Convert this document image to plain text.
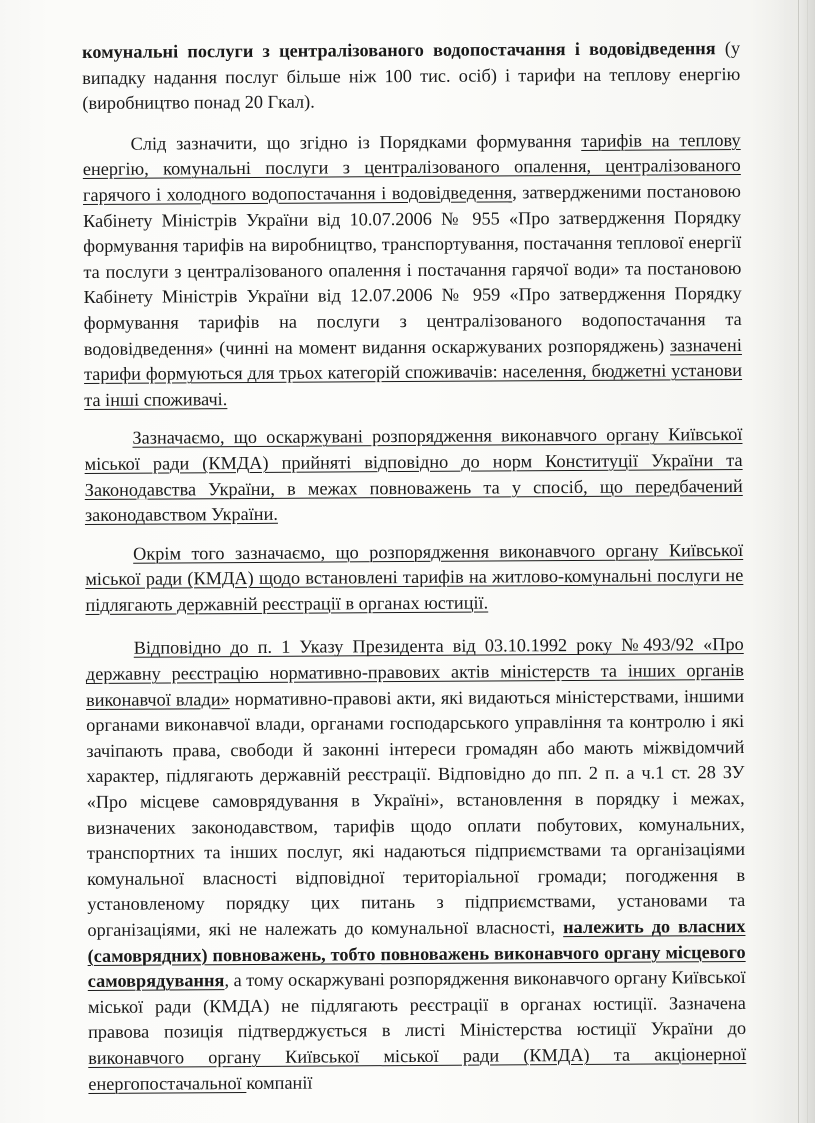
комунальні послуги з централізованого водопостачання і водовідведення (у випадку надання послуг більше ніж 100 тис. осіб) і тарифи на теплову енергію (виробництво понад 20 Гкал).

Слід зазначити, що згідно із Порядками формування тарифів на теплову енергію, комунальні послуги з централізованого опалення, централізованого гарячого і холодного водопостачання і водовідведення, затвердженими постановою Кабінету Міністрів України від 10.07.2006 № 955 «Про затвердження Порядку формування тарифів на виробництво, транспортування, постачання теплової енергії та послуги з централізованого опалення і постачання гарячої води» та постановою Кабінету Міністрів України від 12.07.2006 № 959 «Про затвердження Порядку формування тарифів на послуги з централізованого водопостачання та водовідведення» (чинні на момент видання оскаржуваних розпоряджень) зазначені тарифи формуються для трьох категорій споживачів: населення, бюджетні установи та інші споживачі.

Зазначаємо, що оскаржувані розпорядження виконавчого органу Київської міської ради (КМДА) прийняті відповідно до норм Конституції України та Законодавства України, в межах повноважень та у спосіб, що передбачений законодавством України.

Окрім того зазначаємо, що розпорядження виконавчого органу Київської міської ради (КМДА) щодо встановлені тарифів на житлово-комунальні послуги не підлягають державній реєстрації в органах юстиції.

Відповідно до п. 1 Указу Президента від 03.10.1992 року №493/92 «Про державну реєстрацію нормативно-правових актів міністерств та інших органів виконавчої влади» нормативно-правові акти, які видаються міністерствами, іншими органами виконавчої влади, органами господарського управління та контролю і які зачіпають права, свободи й законні інтереси громадян або мають міжвідомчий характер, підлягають державній реєстрації. Відповідно до пп. 2 п. а ч.1 ст. 28 ЗУ «Про місцеве самоврядування в Україні», встановлення в порядку і межах, визначених законодавством, тарифів щодо оплати побутових, комунальних, транспортних та інших послуг, які надаються підприємствами та організаціями комунальної власності відповідної територіальної громади; погодження в установленому порядку цих питань з підприємствами, установами та організаціями, які не належать до комунальної власності, належить до власних (самоврядних) повноважень, тобто повноважень виконавчого органу місцевого самоврядування, а тому оскаржувані розпорядження виконавчого органу Київської міської ради (КМДА) не підлягають реєстрації в органах юстиції. Зазначена правова позиція підтверджується в листі Міністерства юстиції України до виконавчого органу Київської міської ради (КМДА) та акціонерної енергопостачальної компанії
